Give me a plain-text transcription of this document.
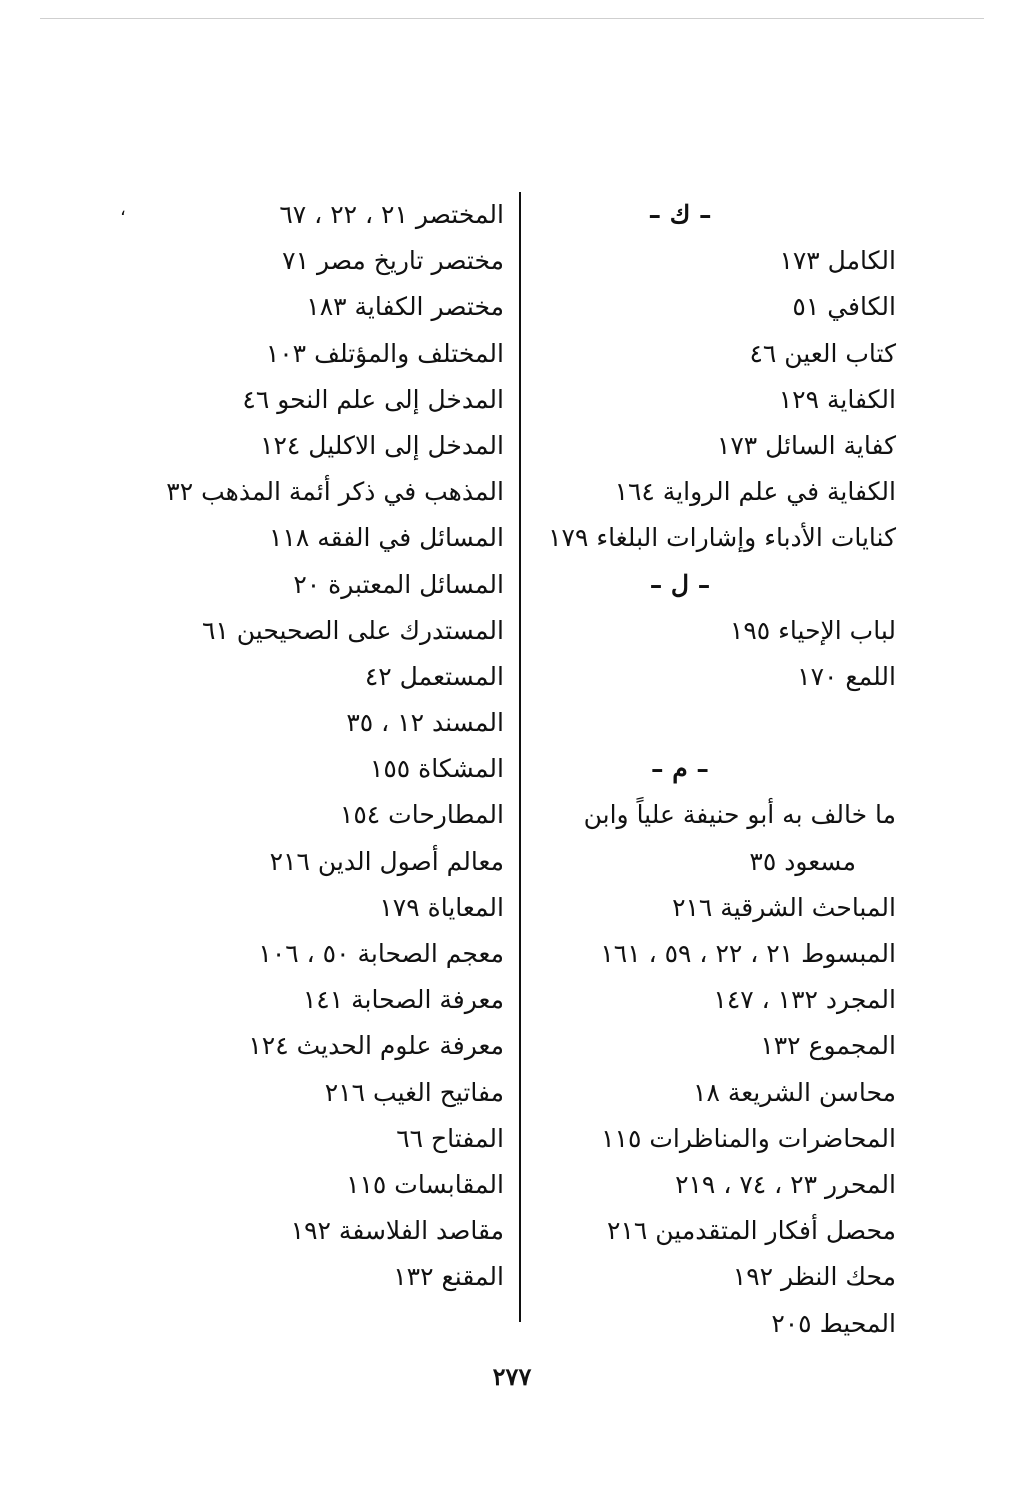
،	– ك –
الكامل ١٧٣
الكافي ٥١
كتاب العين ٤٦
الكفاية ١٢٩
كفاية السائل ١٧٣
الكفاية في علم الرواية ١٦٤
كنايات الأدباء وإشارات البلغاء ١٧٩
– ل –
لباب الإحياء ١٩٥
اللمع ١٧٠
– م –
ما خالف به أبو حنيفة علياً وابن
مسعود ٣٥
المباحث الشرقية ٢١٦
المبسوط ٢١ ، ٢٢ ، ٥٩ ، ١٦١
المجرد ١٣٢ ، ١٤٧
المجموع ١٣٢
محاسن الشريعة ١٨
المحاضرات والمناظرات ١١٥
المحرر ٢٣ ، ٧٤ ، ٢١٩
محصل أفكار المتقدمين ٢١٦
محك النظر ١٩٢
المحيط ٢٠٥
المختصر ٢١ ، ٢٢ ، ٦٧
مختصر تاريخ مصر ٧١
مختصر الكفاية ١٨٣
المختلف والمؤتلف ١٠٣
المدخل إلى علم النحو ٤٦
المدخل إلى الاكليل ١٢٤
المذهب في ذكر أئمة المذهب ٣٢
المسائل في الفقه ١١٨
المسائل المعتبرة ٢٠
المستدرك على الصحيحين ٦١
المستعمل ٤٢
المسند ١٢ ، ٣٥
المشكاة ١٥٥
المطارحات ١٥٤
معالم أصول الدين ٢١٦
المعاياة ١٧٩
معجم الصحابة ٥٠ ، ١٠٦
معرفة الصحابة ١٤١
معرفة علوم الحديث ١٢٤
مفاتيح الغيب ٢١٦
المفتاح ٦٦
المقابسات ١١٥
مقاصد الفلاسفة ١٩٢
المقنع ١٣٢
٢٧٧
